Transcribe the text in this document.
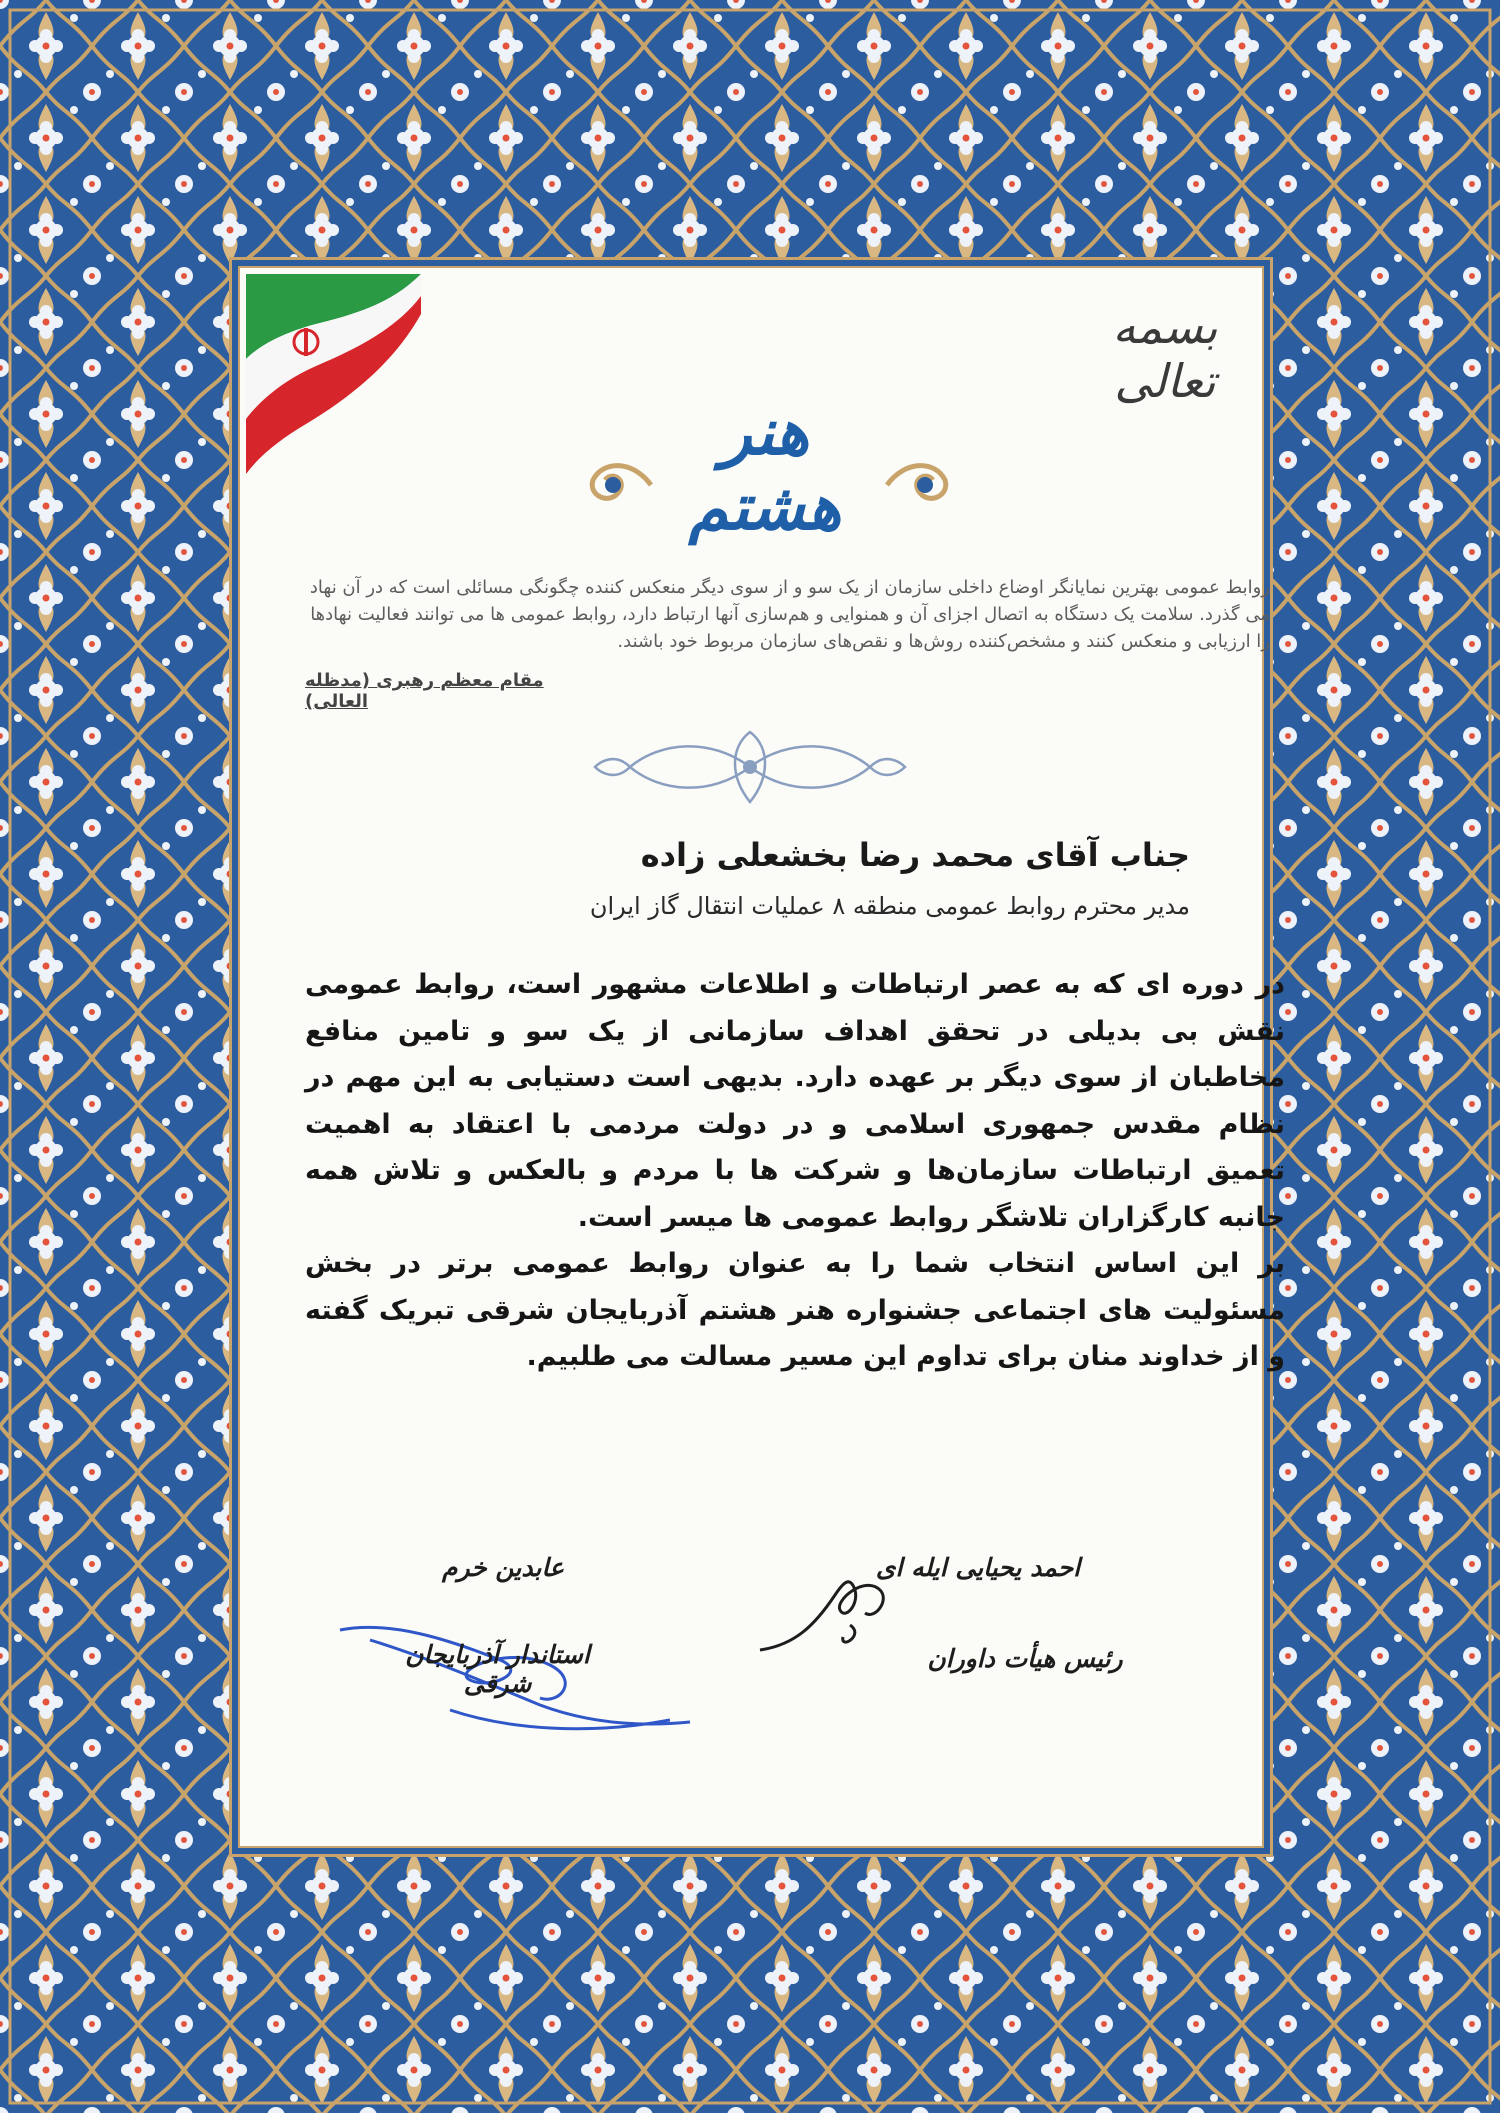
بسمه تعالی
هنر هشتم
روابط عمومی بهترین نمایانگر اوضاع داخلی سازمان از یک سو و از سوی دیگر منعکس کننده چگونگی مسائلی است که در آن نهاد می گذرد. سلامت یک دستگاه به اتصال اجزای آن و همنوایی و هم‌سازی آنها ارتباط دارد، روابط عمومی ها می توانند فعالیت نهادها را ارزیابی و منعکس کنند و مشخص‌کننده روش‌ها و نقص‌های سازمان مربوط خود باشند.
مقام معظم رهبری (مدظله العالی)
جناب آقای محمد رضا بخشعلی زاده
مدیر محترم روابط عمومی منطقه ۸ عملیات انتقال گاز ایران

در دوره ای که به عصر ارتباطات و اطلاعات مشهور است، روابط عمومی نقش بی بدیلی در تحقق اهداف سازمانی از یک سو و تامین منافع مخاطبان از سوی دیگر بر عهده دارد. بدیهی است دستیابی به این مهم در نظام مقدس جمهوری اسلامی و در دولت مردمی با اعتقاد به اهمیت تعمیق ارتباطات سازمان‌ها و شرکت ها با مردم و بالعکس و تلاش همه جانبه کارگزاران تلاشگر روابط عمومی ها میسر است.

بر این اساس انتخاب شما را به عنوان روابط عمومی برتر در بخش مسئولیت های اجتماعی جشنواره هنر هشتم آذربایجان شرقی تبریک گفته و از خداوند منان برای تداوم این مسیر مسالت می طلبیم.

احمد یحیایی ایله ای
رئیس هیأت داوران
عابدین خرم
استاندار آذربایجان شرقی
